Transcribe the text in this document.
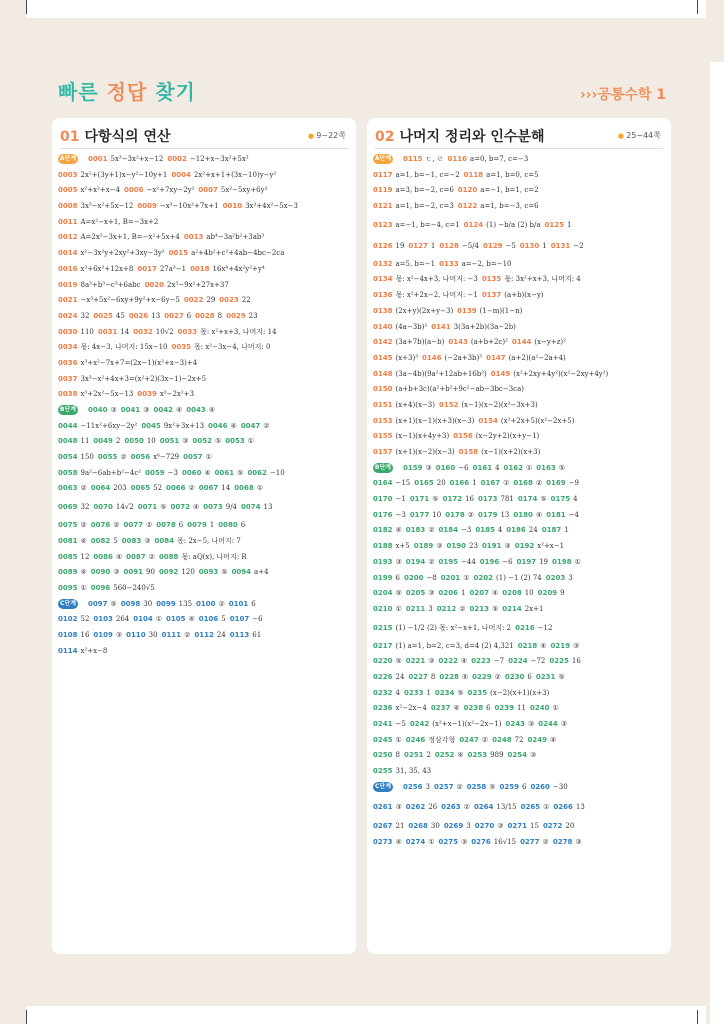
빠른 정답 찾기	›››공통수학 1
01 다항식의 연산	● 9~22쪽
A단계 0001 5x³−3x²+x−12 0002 −12+x−3x²+5x³
0003 2x²+(3y+1)x−y²−10y+1 0004 2x²+x+1+(3x−10)y−y²
0005 x²+x²+x−4 0006 −x²+7xy−2y² 0007 5x²−5xy+6y²
0008 3x³−x²+5x−12 0009 −x³−10x²+7x+1 0010 3x³+4x²−5x−3
0011 A=x²−x+1, B=−3x+2
0012 A=2x²−3x+1, B=−x²+5x+4 0013 ab⁴−3a²b²+3ab³
0014 x²−3x²y+2xy²+3xy−3y² 0015 a²+4b²+c²+4ab−4bc−2ca
0016 x³+6x²+12x+8 0017 27a³−1 0018 16x⁴+4x²y²+y⁴
0019 8a³+b³−c³+6abc 0020 2x³−9x²+27x+37
0021 −x³+5x²−6xy+9y²+x−6y−5 0022 29 0023 22
0024 32 0025 45 0026 13 0027 6 0028 8 0029 23
0030 110 0031 14 0032 10√2 0033 몫: x²+x+3, 나머지: 14
0034 몫: 4x−3, 나머지: 15x−10 0035 몫: x²−3x−4, 나머지: 0
0036 x³+x²−7x+7=(2x−1)(x²+x−3)+4
0037 3x³−x²+4x+3=(x²+2)(3x−1)−2x+5
0038 x³+2x²−5x−13 0039 x³−2x²+3
B단계 0040 ③ 0041 ③ 0042 ④ 0043 ④
0044 −11x²+6xy−2y² 0045 9x²+3x+13 0046 ④ 0047 ②
0048 11 0049 2 0050 10 0051 ③ 0052 ⑤ 0053 ①
0054 150 0055 ② 0056 x⁶−729 0057 ①
0058 9a²−6ab+b²−4c² 0059 −3 0060 ④ 0061 ⑤ 0062 −10
0063 ② 0064 203 0065 52 0066 ② 0067 14 0068 ①
0069 32 0070 14√2 0071 ⑤ 0072 ④ 0073 9/4 0074 13
0075 ② 0076 ② 0077 ② 0078 6 0079 1 0080 6
0081 ④ 0082 5 0083 ③ 0084 몫: 2x−5, 나머지: 7
0085 12 0086 ④ 0087 ② 0088 몫: aQ(x), 나머지: R
0089 ④ 0090 ③ 0091 90 0092 120 0093 ⑤ 0094 a+4
0095 ① 0096 560−240√5
C단계 0097 ⑤ 0098 30 0099 135 0100 ② 0101 6
0102 52 0103 264 0104 ① 0105 ④ 0106 5 0107 −6
0108 16 0109 ③ 0110 30 0111 ② 0112 24 0113 61
0114 x²+x−8
02 나머지 정리와 인수분해	● 25~44쪽
A단계 0115 ㄷ, ㄹ 0116 a=0, b=7, c=−3
0117 a=1, b=−1, c=−2 0118 a=1, b=0, c=5
0119 a=3, b=−2, c=6 0120 a=−1, b=1, c=2
0121 a=1, b=−2, c=3 0122 a=1, b=−3, c=6
0123 a=−1, b=−4, c=1 0124 (1) −b/a (2) b/a 0125 1
0126 19 0127 1 0128 −5/4 0129 −5 0130 1 0131 −2
0132 a=5, b=−1 0133 a=−2, b=−10
0134 몫: x²−4x+3, 나머지: −3 0135 몫: 3x²+x+3, 나머지: 4
0136 몫: x²+2x−2, 나머지: −1 0137 (a+b)(x−y)
0138 (2x+y)(2x+y−3) 0139 (1−m)(1−n)
0140 (4a−3b)² 0141 3(3a+2b)(3a−2b)
0142 (3a+7b)(a−b) 0143 (a+b+2c)² 0144 (x−y+z)²
0145 (x+3)³ 0146 (−2a+3b)³ 0147 (a+2)(a²−2a+4)
0148 (3a−4b)(9a²+12ab+16b²) 0149 (x²+2xy+4y²)(x²−2xy+4y²)
0150 (a+b+3c)(a²+b²+9c²−ab−3bc−3ca)
0151 (x+4)(x−3) 0152 (x−1)(x−2)(x²−3x+3)
0153 (x+1)(x−1)(x+3)(x−3) 0154 (x²+2x+5)(x²−2x+5)
0155 (x−1)(x+4y+3) 0156 (x−2y+2)(x+y−1)
0157 (x+1)(x−2)(x−3) 0158 (x−1)(x+2)(x+3)
B단계 0159 ③ 0160 −6 0161 4 0162 ① 0163 ⑤
0164 −15 0165 20 0166 1 0167 ① 0168 ② 0169 −9
0170 −1 0171 ⑤ 0172 16 0173 781 0174 ⑤ 0175 4
0176 −3 0177 10 0178 ② 0179 13 0180 ④ 0181 −4
0182 ④ 0183 ② 0184 −3 0185 4 0186 24 0187 1
0188 x+5 0189 ③ 0190 23 0191 ③ 0192 x²+x−1
0193 ③ 0194 ② 0195 −44 0196 −6 0197 19 0198 ①
0199 6 0200 −8 0201 ① 0202 (1) −1 (2) 74 0203 3
0204 ⑤ 0205 ③ 0206 1 0207 ④ 0208 10 0209 9
0210 ① 0211 3 0212 ② 0213 ⑤ 0214 2x+1
0215 (1) −1/2 (2) 몫: x²−x+1, 나머지: 2 0216 −12
0217 (1) a=1, b=2, c=3, d=4 (2) 4,321 0218 ④ 0219 ③
0220 ⑤ 0221 ③ 0222 ④ 0223 −7 0224 −72 0225 16
0226 24 0227 8 0228 ⑤ 0229 ② 0230 6 0231 ⑤
0232 4 0233 1 0234 ⑤ 0235 (x−2)(x+1)(x+3)
0236 x²−2x−4 0237 ④ 0238 6 0239 11 0240 ①
0241 −5 0242 (x²+x−1)(x²−2x−1) 0243 ③ 0244 ③
0245 ① 0246 정삼각형 0247 ② 0248 72 0249 ④
0250 8 0251 2 0252 ④ 0253 989 0254 ③
0255 31, 35, 43
C단계 0256 3 0257 ② 0258 ⑤ 0259 6 0260 −30
0261 ③ 0262 26 0263 ② 0264 13/15 0265 ① 0266 13
0267 21 0268 30 0269 3 0270 ③ 0271 15 0272 20
0273 ④ 0274 ① 0275 ③ 0276 16√15 0277 ② 0278 ③
